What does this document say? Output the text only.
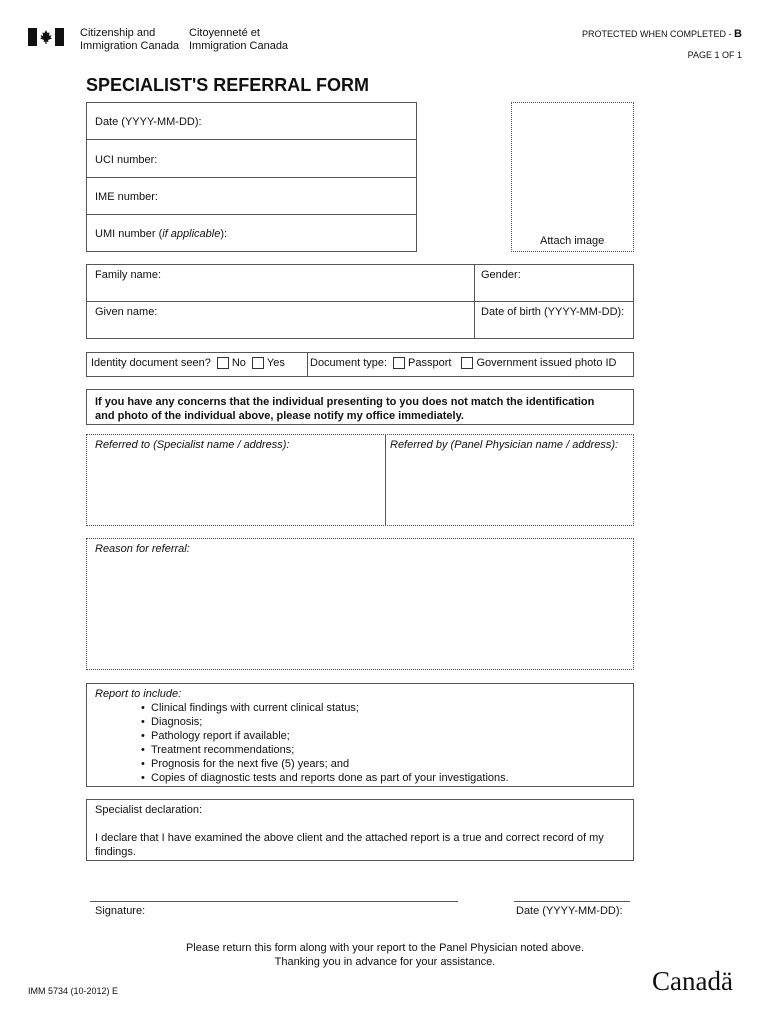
Citizenship and
Immigration Canada
Citoyenneté et
Immigration Canada
PROTECTED WHEN COMPLETED - B
PAGE 1 OF 1
SPECIALIST'S REFERRAL FORM
Date (YYYY-MM-DD):
UCI number:
IME number:
UMI number (if applicable):
Attach image
Family name:	Gender:
Given name:	Date of birth (YYYY-MM-DD):
Identity document seen? No Yes	Document type: Passport Government issued photo ID
If you have any concerns that the individual presenting to you does not match the identification
and photo of the individual above, please notify my office immediately.
Referred to (Specialist name / address):	Referred by (Panel Physician name / address):
Reason for referral:
Report to include:
• Clinical findings with current clinical status;
• Diagnosis;
• Pathology report if available;
• Treatment recommendations;
• Prognosis for the next five (5) years; and
• Copies of diagnostic tests and reports done as part of your investigations.
Specialist declaration:
I declare that I have examined the above client and the attached report is a true and correct record of my
findings.
Signature:	Date (YYYY-MM-DD):
Please return this form along with your report to the Panel Physician noted above.
Thanking you in advance for your assistance.
IMM 5734 (10-2012) E	Canadä
